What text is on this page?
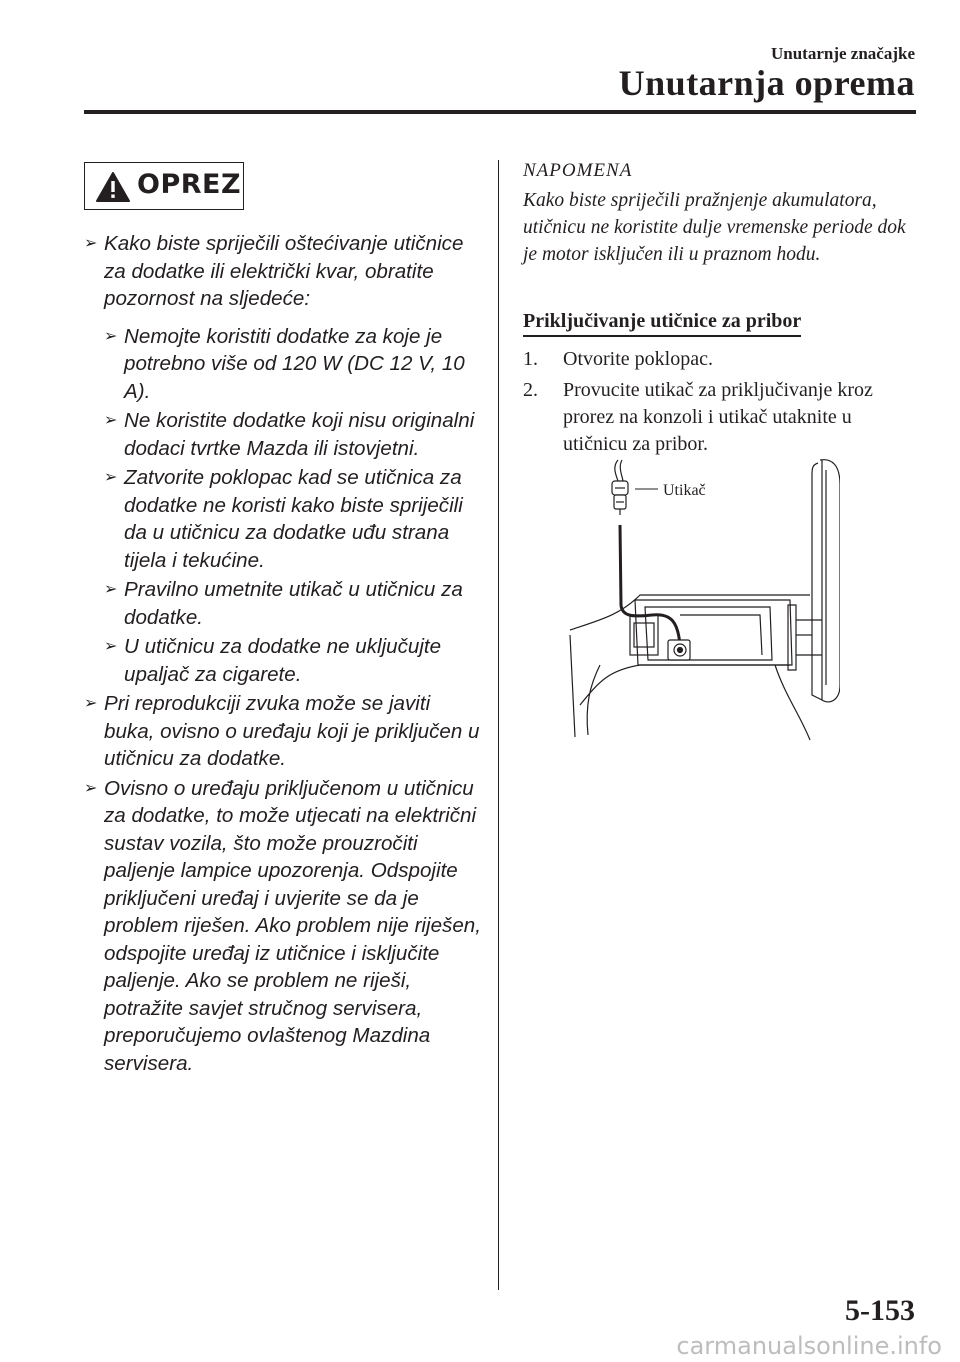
Unutarnje značajke
Unutarnja oprema
OPREZ
➢ Kako biste spriječili oštećivanje utičnice za dodatke ili električki kvar, obratite pozornost na sljedeće:
➢ Nemojte koristiti dodatke za koje je potrebno više od 120 W (DC 12 V, 10 A).
➢ Ne koristite dodatke koji nisu originalni dodaci tvrtke Mazda ili istovjetni.
➢ Zatvorite poklopac kad se utičnica za dodatke ne koristi kako biste spriječili da u utičnicu za dodatke uđu strana tijela i tekućine.
➢ Pravilno umetnite utikač u utičnicu za dodatke.
➢ U utičnicu za dodatke ne uključujte upaljač za cigarete.
➢ Pri reprodukciji zvuka može se javiti buka, ovisno o uređaju koji je priključen u utičnicu za dodatke.
➢ Ovisno o uređaju priključenom u utičnicu za dodatke, to može utjecati na električni sustav vozila, što može prouzročiti paljenje lampice upozorenja. Odspojite priključeni uređaj i uvjerite se da je problem riješen. Ako problem nije riješen, odspojite uređaj iz utičnice i isključite paljenje. Ako se problem ne riješi, potražite savjet stručnog servisera, preporučujemo ovlaštenog Mazdina servisera.
NAPOMENA
Kako biste spriječili pražnjenje akumulatora, utičnicu ne koristite dulje vremenske periode dok je motor isključen ili u praznom hodu.
Priključivanje utičnice za pribor
1. Otvorite poklopac.
2. Provucite utikač za priključivanje kroz prorez na konzoli i utikač utaknite u utičnicu za pribor.
Utikač
5-153
carmanualsonline.info
